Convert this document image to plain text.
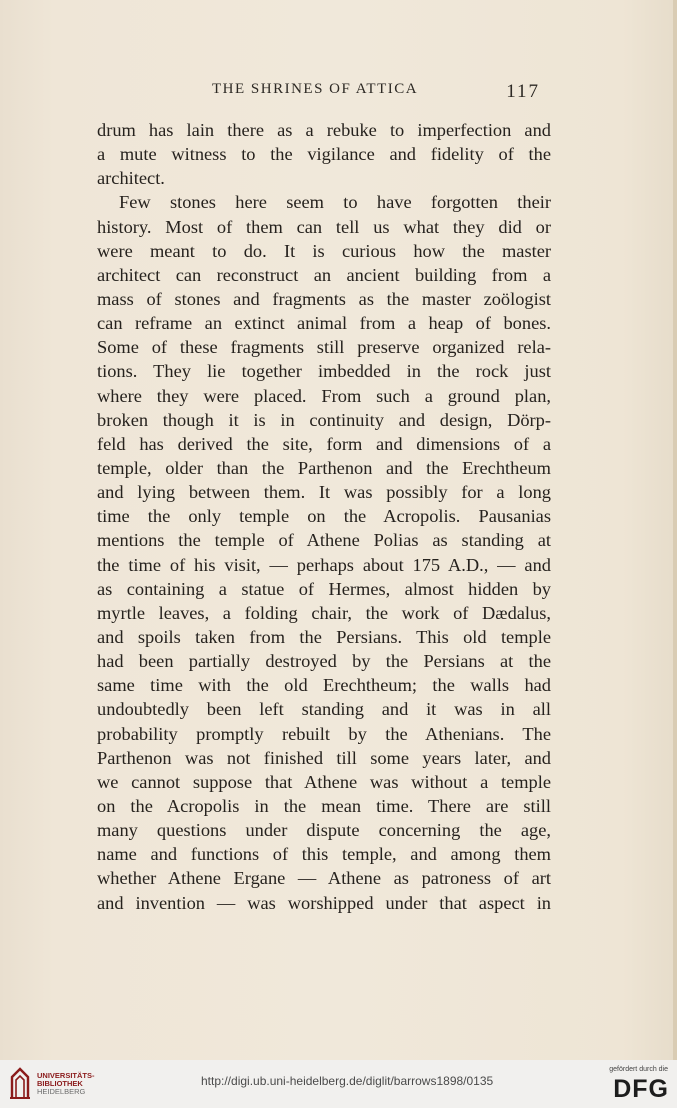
THE SHRINES OF ATTICA	117
drum has lain there as a rebuke to imperfection and
a mute witness to the vigilance and fidelity of the
architect.
Few stones here seem to have forgotten their
history. Most of them can tell us what they did or
were meant to do. It is curious how the master
architect can reconstruct an ancient building from a
mass of stones and fragments as the master zoölogist
can reframe an extinct animal from a heap of bones.
Some of these fragments still preserve organized rela-
tions. They lie together imbedded in the rock just
where they were placed. From such a ground plan,
broken though it is in continuity and design, Dörp-
feld has derived the site, form and dimensions of a
temple, older than the Parthenon and the Erechtheum
and lying between them. It was possibly for a long
time the only temple on the Acropolis. Pausanias
mentions the temple of Athene Polias as standing at
the time of his visit, — perhaps about 175 A.D., — and
as containing a statue of Hermes, almost hidden by
myrtle leaves, a folding chair, the work of Dædalus,
and spoils taken from the Persians. This old temple
had been partially destroyed by the Persians at the
same time with the old Erechtheum; the walls had
undoubtedly been left standing and it was in all
probability promptly rebuilt by the Athenians. The
Parthenon was not finished till some years later, and
we cannot suppose that Athene was without a temple
on the Acropolis in the mean time. There are still
many questions under dispute concerning the age,
name and functions of this temple, and among them
whether Athene Ergane — Athene as patroness of art
and invention — was worshipped under that aspect in
UNIVERSITÄTS-
BIBLIOTHEK
HEIDELBERG
http://digi.ub.uni-heidelberg.de/diglit/barrows1898/0135
gefördert durch die
DFG
